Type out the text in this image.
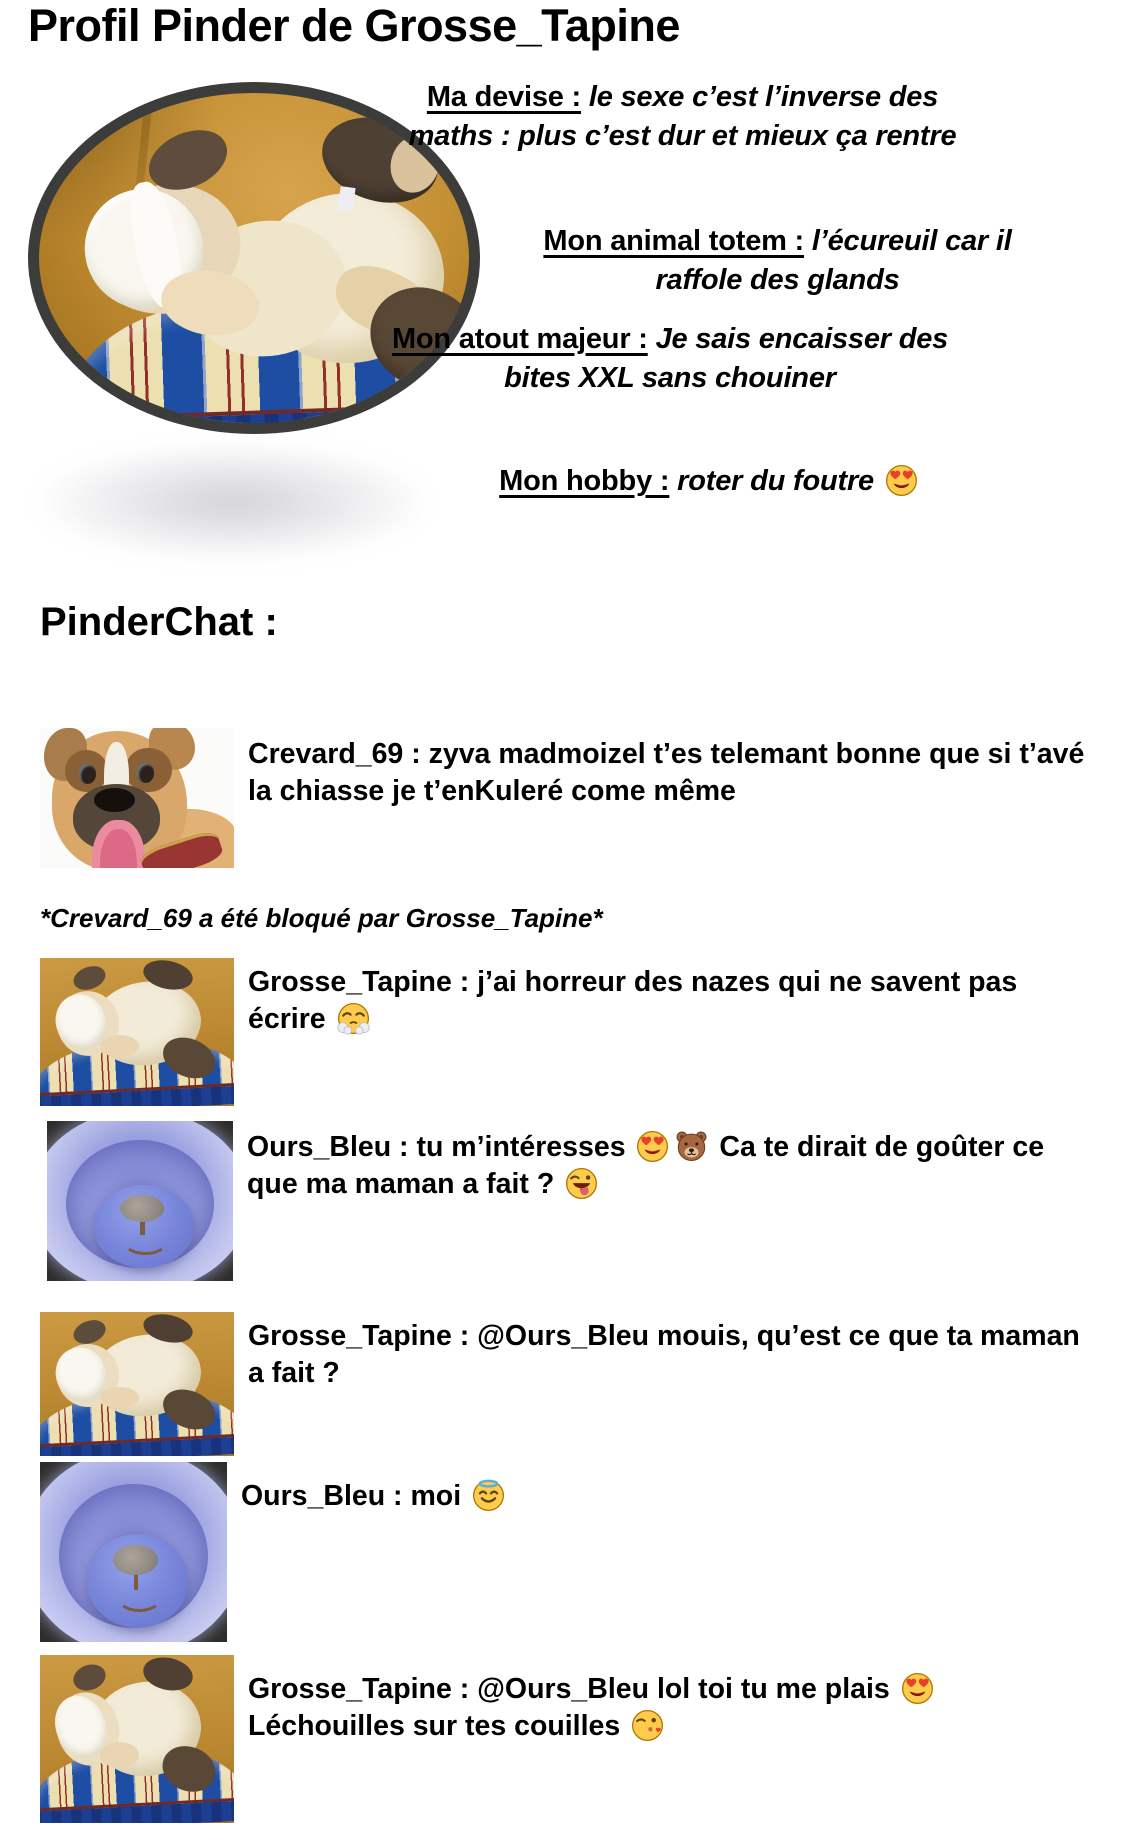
Profil Pinder de Grosse_Tapine
Ma devise : le sexe c’est l’inverse des maths : plus c’est dur et mieux ça rentre
Mon animal totem : l’écureuil car il raffole des glands
Mon atout majeur : Je sais encaisser des bites XXL sans chouiner
Mon hobby : roter du foutre
PinderChat :

Crevard_69 : zyva madmoizel t’es telemant bonne que si t’avé la chiasse je t’enKuleré come même

*Crevard_69 a été bloqué par Grosse_Tapine*

Grosse_Tapine : j’ai horreur des nazes qui ne savent pas écrire

Ours_Bleu : tu m’intéresses	Ca te dirait de goûter ce que ma maman a fait ?

Grosse_Tapine : @Ours_Bleu mouis, qu’est ce que ta maman a fait ?

Ours_Bleu : moi

Grosse_Tapine : @Ours_Bleu lol toi tu me plais  Léchouilles sur tes couilles
